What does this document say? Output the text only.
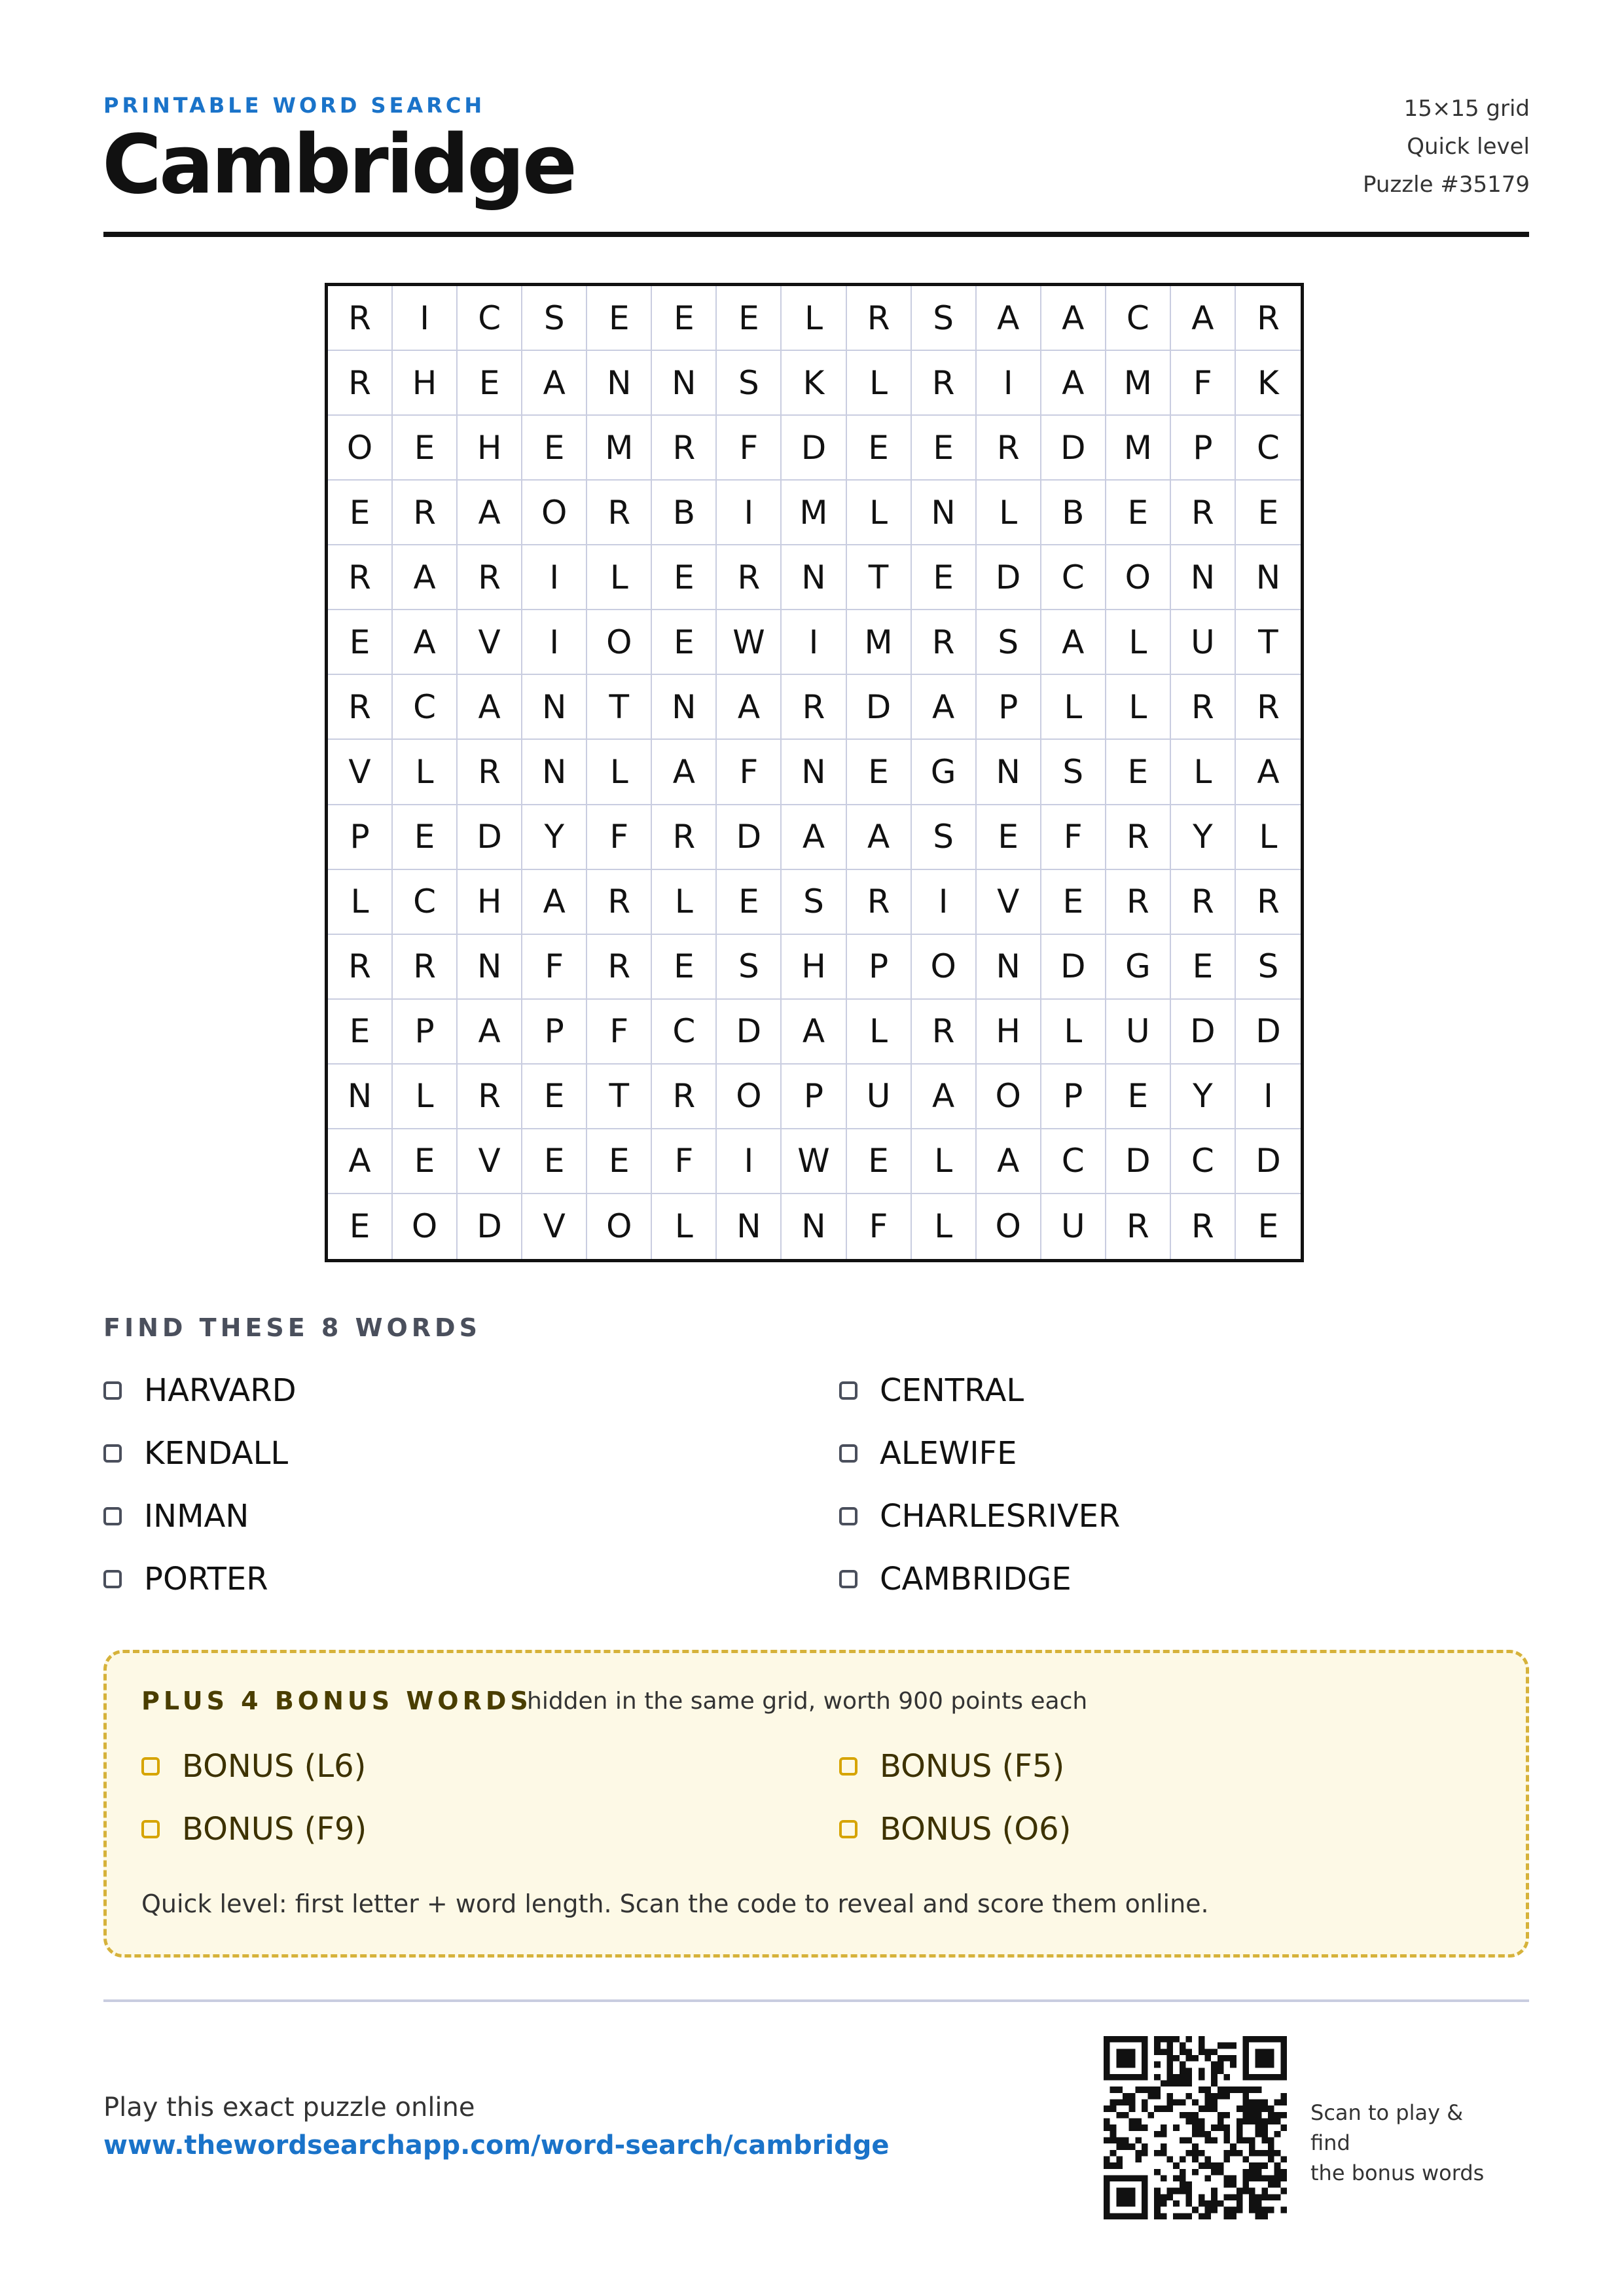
PRINTABLE WORD SEARCH
Cambridge
15×15 grid
Quick level
Puzzle #35179
R	I	C	S	E	E	E	L	R	S	A	A	C	A	R
R	H	E	A	N	N	S	K	L	R	I	A	M	F	K
O	E	H	E	M	R	F	D	E	E	R	D	M	P	C
E	R	A	O	R	B	I	M	L	N	L	B	E	R	E
R	A	R	I	L	E	R	N	T	E	D	C	O	N	N
E	A	V	I	O	E	W	I	M	R	S	A	L	U	T
R	C	A	N	T	N	A	R	D	A	P	L	L	R	R
V	L	R	N	L	A	F	N	E	G	N	S	E	L	A
P	E	D	Y	F	R	D	A	A	S	E	F	R	Y	L
L	C	H	A	R	L	E	S	R	I	V	E	R	R	R
R	R	N	F	R	E	S	H	P	O	N	D	G	E	S
E	P	A	P	F	C	D	A	L	R	H	L	U	D	D
N	L	R	E	T	R	O	P	U	A	O	P	E	Y	I
A	E	V	E	E	F	I	W	E	L	A	C	D	C	D
E	O	D	V	O	L	N	N	F	L	O	U	R	R	E
FIND THESE 8 WORDS
HARVARD
KENDALL
INMAN
PORTER
CENTRAL
ALEWIFE
CHARLESRIVER
CAMBRIDGE
PLUS 4 BONUS WORDS
hidden in the same grid, worth 900 points each
BONUS (L6)
BONUS (F9)
BONUS (F5)
BONUS (O6)
Quick level: first letter + word length. Scan the code to reveal and score them online.
Play this exact puzzle online
www.thewordsearchapp.com/word-search/cambridge
Scan to play & find
the bonus words
